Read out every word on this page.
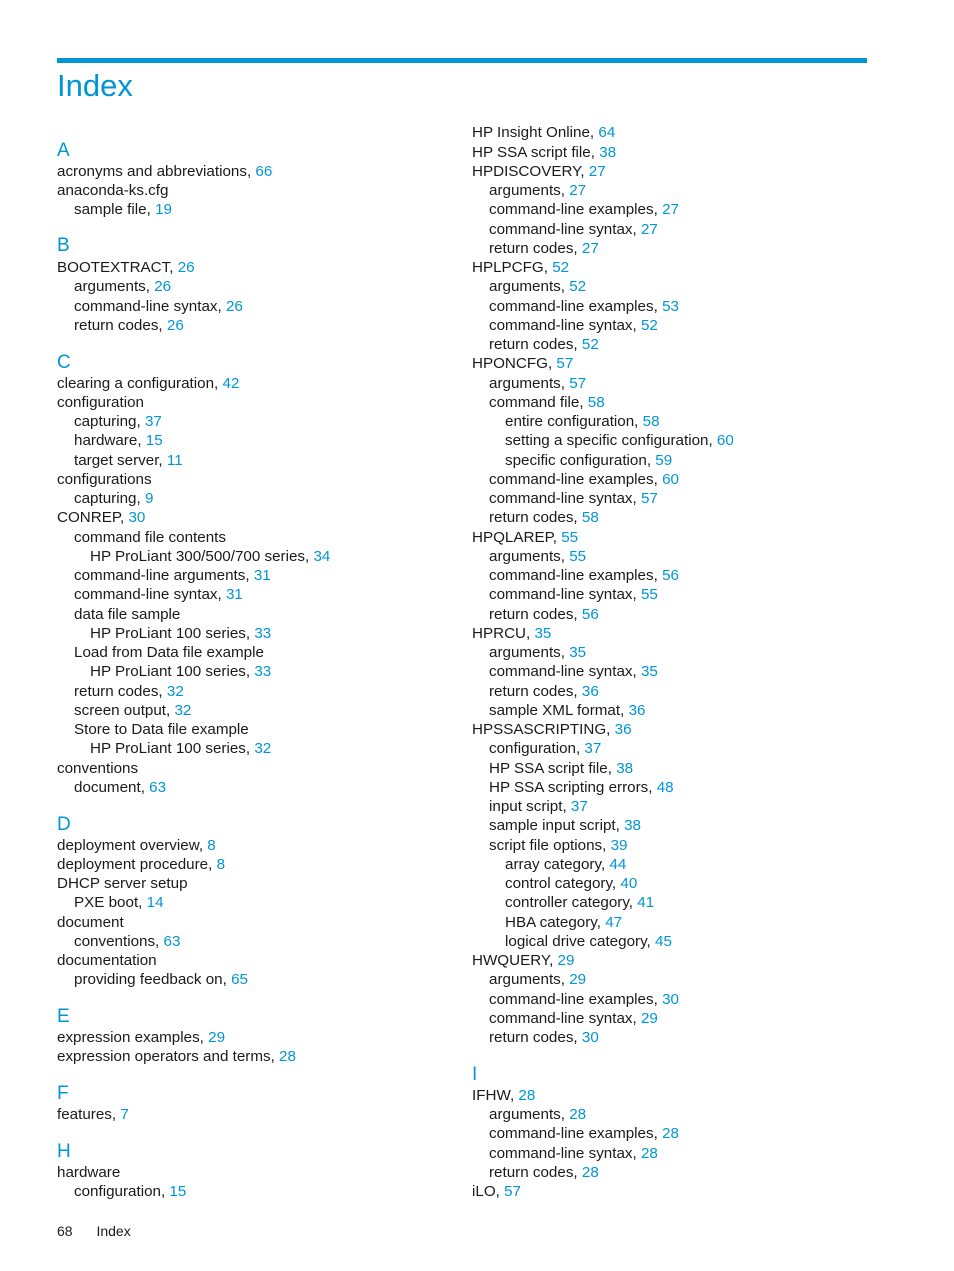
Index
A
B
C
D
E
F
H
acronyms and abbreviations, 66
anaconda-ks.cfg
sample file, 19
BOOTEXTRACT, 26
arguments, 26
command-line syntax, 26
return codes, 26
clearing a configuration, 42
configuration
capturing, 37
hardware, 15
target server, 11
configurations
capturing, 9
CONREP, 30
command file contents
HP ProLiant 300/500/700 series, 34
command-line arguments, 31
command-line syntax, 31
data file sample
HP ProLiant 100 series, 33
Load from Data file example
HP ProLiant 100 series, 33
return codes, 32
screen output, 32
Store to Data file example
HP ProLiant 100 series, 32
conventions
document, 63
deployment overview, 8
deployment procedure, 8
DHCP server setup
PXE boot, 14
document
conventions, 63
documentation
providing feedback on, 65
expression examples, 29
expression operators and terms, 28
features, 7
hardware
configuration, 15
I
HP Insight Online, 64
HP SSA script file, 38
HPDISCOVERY, 27
arguments, 27
command-line examples, 27
command-line syntax, 27
return codes, 27
HPLPCFG, 52
arguments, 52
command-line examples, 53
command-line syntax, 52
return codes, 52
HPONCFG, 57
arguments, 57
command file, 58
entire configuration, 58
setting a specific configuration, 60
specific configuration, 59
command-line examples, 60
command-line syntax, 57
return codes, 58
HPQLAREP, 55
arguments, 55
command-line examples, 56
command-line syntax, 55
return codes, 56
HPRCU, 35
arguments, 35
command-line syntax, 35
return codes, 36
sample XML format, 36
HPSSASCRIPTING, 36
configuration, 37
HP SSA script file, 38
HP SSA scripting errors, 48
input script, 37
sample input script, 38
script file options, 39
array category, 44
control category, 40
controller category, 41
HBA category, 47
logical drive category, 45
HWQUERY, 29
arguments, 29
command-line examples, 30
command-line syntax, 29
return codes, 30
IFHW, 28
arguments, 28
command-line examples, 28
command-line syntax, 28
return codes, 28
iLO, 57
68 Index
